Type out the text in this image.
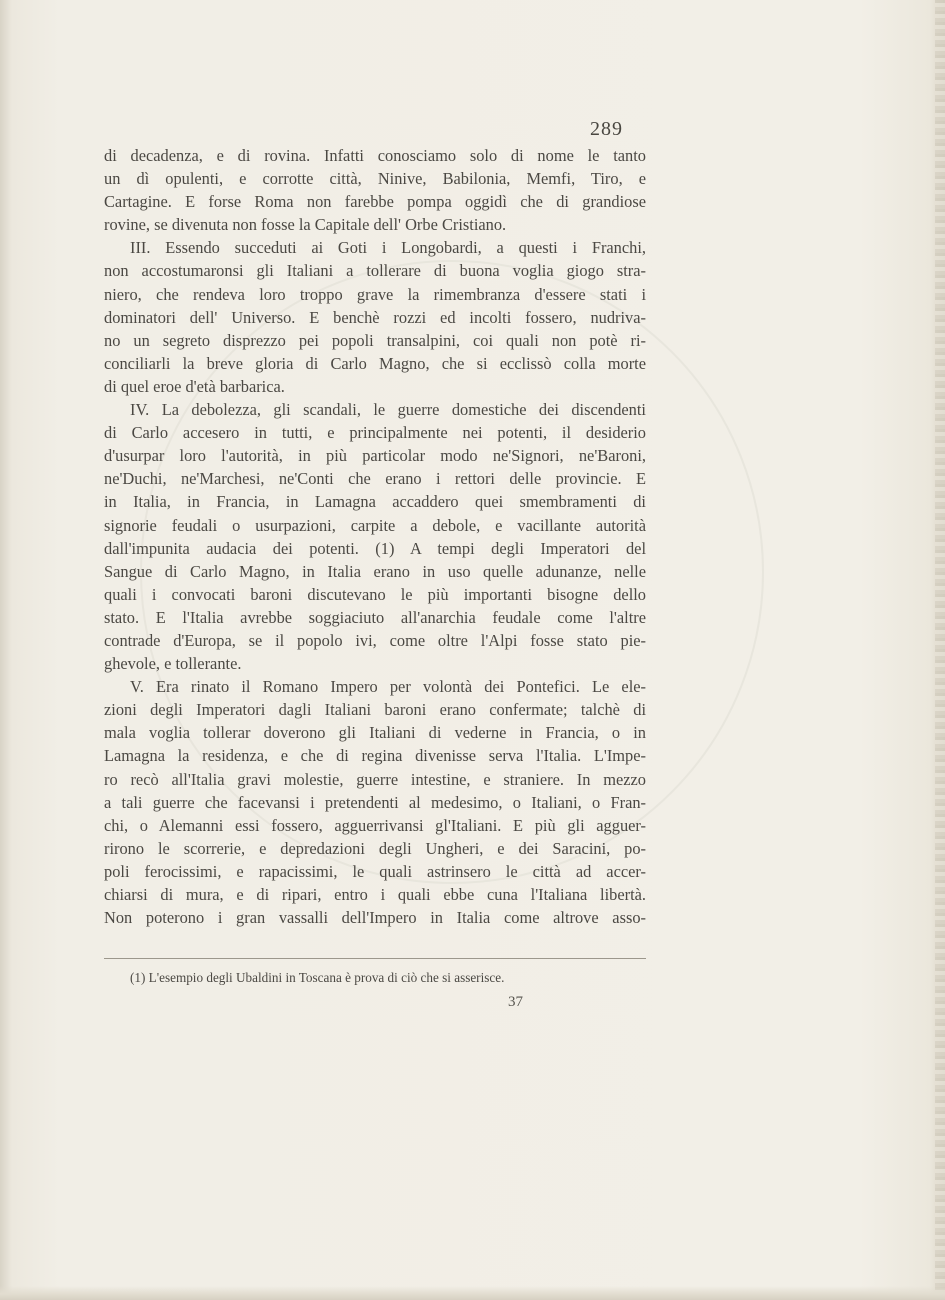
289
di decadenza, e di rovina. Infatti conosciamo solo di nome le tanto
un dì opulenti, e corrotte città, Ninive, Babilonia, Memfi, Tiro, e
Cartagine. E forse Roma non farebbe pompa oggidì che di grandiose
rovine, se divenuta non fosse la Capitale dell' Orbe Cristiano.
III. Essendo succeduti ai Goti i Longobardi, a questi i Franchi,
non accostumaronsi gli Italiani a tollerare di buona voglia giogo stra-
niero, che rendeva loro troppo grave la rimembranza d'essere stati i
dominatori dell' Universo. E benchè rozzi ed incolti fossero, nudriva-
no un segreto disprezzo pei popoli transalpini, coi quali non potè ri-
conciliarli la breve gloria di Carlo Magno, che si ecclissò colla morte
di quel eroe d'età barbarica.
IV. La debolezza, gli scandali, le guerre domestiche dei discendenti
di Carlo accesero in tutti, e principalmente nei potenti, il desiderio
d'usurpar loro l'autorità, in più particolar modo ne'Signori, ne'Baroni,
ne'Duchi, ne'Marchesi, ne'Conti che erano i rettori delle provincie. E
in Italia, in Francia, in Lamagna accaddero quei smembramenti di
signorie feudali o usurpazioni, carpite a debole, e vacillante autorità
dall'impunita audacia dei potenti. (1) A tempi degli Imperatori del
Sangue di Carlo Magno, in Italia erano in uso quelle adunanze, nelle
quali i convocati baroni discutevano le più importanti bisogne dello
stato. E l'Italia avrebbe soggiaciuto all'anarchia feudale come l'altre
contrade d'Europa, se il popolo ivi, come oltre l'Alpi fosse stato pie-
ghevole, e tollerante.
V. Era rinato il Romano Impero per volontà dei Pontefici. Le ele-
zioni degli Imperatori dagli Italiani baroni erano confermate; talchè di
mala voglia tollerar doverono gli Italiani di vederne in Francia, o in
Lamagna la residenza, e che di regina divenisse serva l'Italia. L'Impe-
ro recò all'Italia gravi molestie, guerre intestine, e straniere. In mezzo
a tali guerre che facevansi i pretendenti al medesimo, o Italiani, o Fran-
chi, o Alemanni essi fossero, agguerrivansi gl'Italiani. E più gli agguer-
rirono le scorrerie, e depredazioni degli Ungheri, e dei Saracini, po-
poli ferocissimi, e rapacissimi, le quali astrinsero le città ad accer-
chiarsi di mura, e di ripari, entro i quali ebbe cuna l'Italiana libertà.
Non poterono i gran vassalli dell'Impero in Italia come altrove asso-
(1) L'esempio degli Ubaldini in Toscana è prova di ciò che si asserisce.
37
